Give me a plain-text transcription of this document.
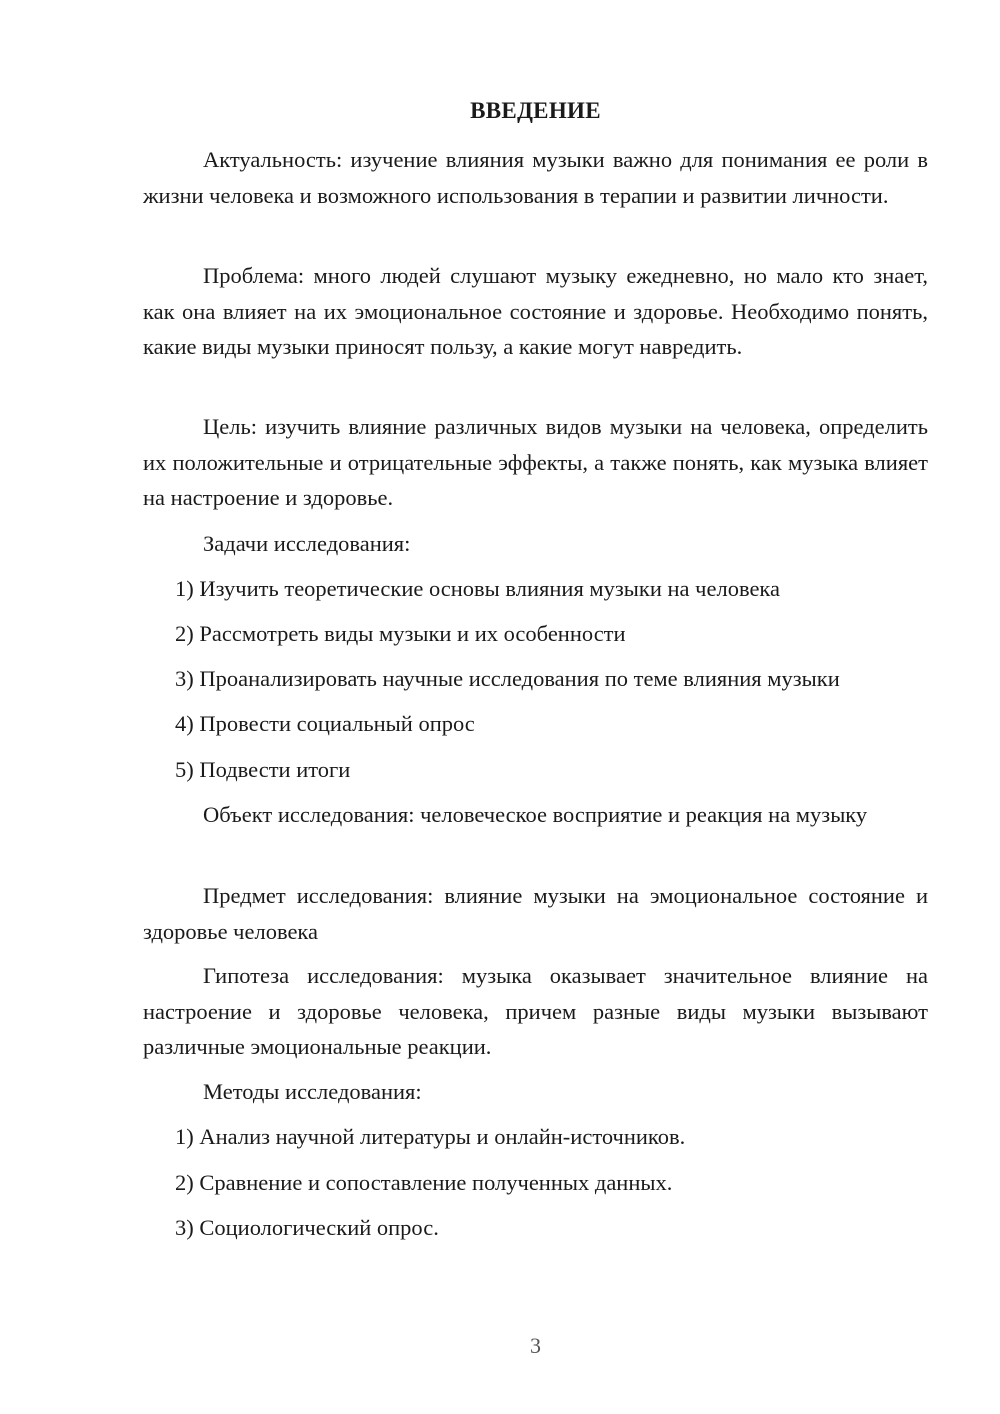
ВВЕДЕНИЕ

Актуальность: изучение влияния музыки важно для понимания ее роли в жизни человека и возможного использования в терапии и развитии личности.

Проблема: много людей слушают музыку ежедневно, но мало кто знает, как она влияет на их эмоциональное состояние и здоровье. Необходимо понять, какие виды музыки приносят пользу, а какие могут навредить.

Цель: изучить влияние различных видов музыки на человека, определить их положительные и отрицательные эффекты, а также понять, как музыка влияет на настроение и здоровье.

Задачи исследования:

1) Изучить теоретические основы влияния музыки на человека

2) Рассмотреть виды музыки и их особенности

3) Проанализировать научные исследования по теме влияния музыки

4) Провести социальный опрос

5) Подвести итоги

Объект исследования: человеческое восприятие и реакция на музыку

Предмет исследования: влияние музыки на эмоциональное состояние и здоровье человека

Гипотеза исследования: музыка оказывает значительное влияние на настроение и здоровье человека, причем разные виды музыки вызывают различные эмоциональные реакции.

Методы исследования:

1) Анализ научной литературы и онлайн-источников.

2) Сравнение и сопоставление полученных данных.

3) Социологический опрос.

3
